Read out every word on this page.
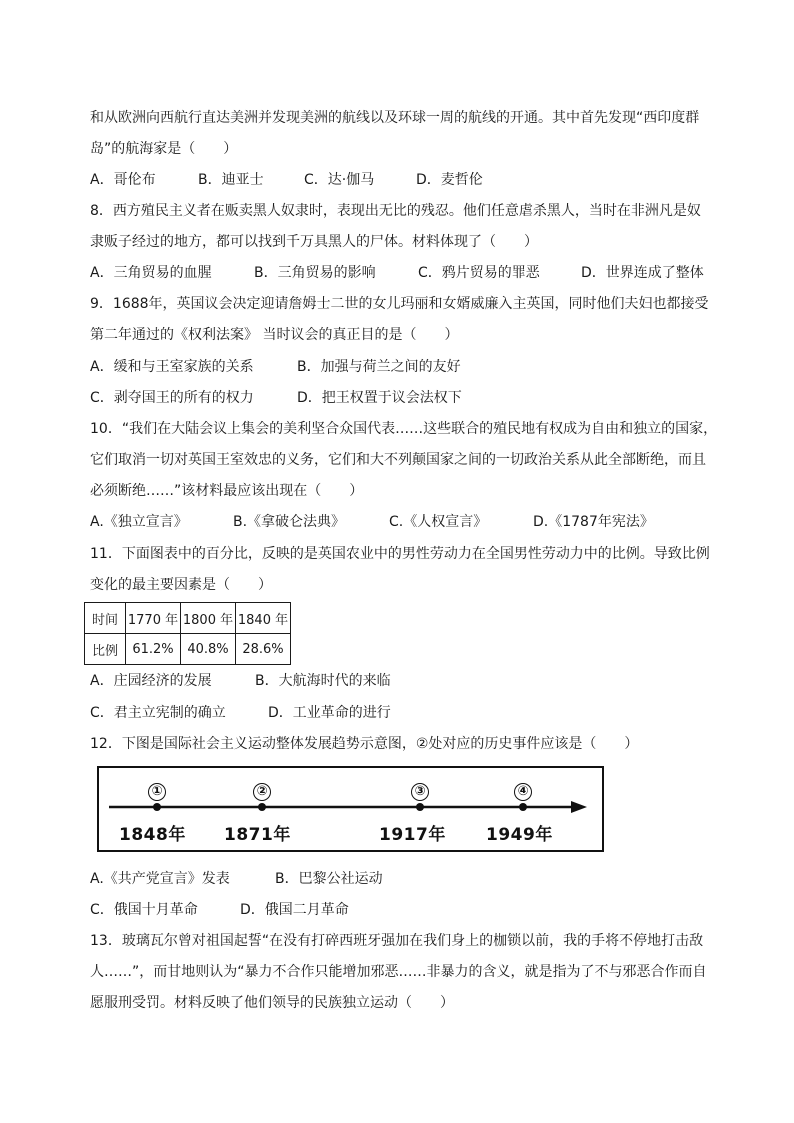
和从欧洲向西航行直达美洲并发现美洲的航线以及环球一周的航线的开通。其中首先发现“西印度群
岛”的航海家是（　　）
A．哥伦布	B．迪亚士	C．达·伽马	D．麦哲伦
8．西方殖民主义者在贩卖黑人奴隶时，表现出无比的残忍。他们任意虐杀黑人，当时在非洲凡是奴
隶贩子经过的地方，都可以找到千万具黑人的尸体。材料体现了（　　）
A．三角贸易的血腥	B．三角贸易的影响	C．鸦片贸易的罪恶	D．世界连成了整体
9．1688年，英国议会决定迎请詹姆士二世的女儿玛丽和女婿威廉入主英国，同时他们夫妇也都接受
第二年通过的《权利法案》 当时议会的真正目的是（　　）
A．缓和与王室家族的关系	B．加强与荷兰之间的友好
C．剥夺国王的所有的权力	D．把王权置于议会法权下
10．“我们在大陆会议上集会的美利坚合众国代表……这些联合的殖民地有权成为自由和独立的国家，
它们取消一切对英国王室效忠的义务，它们和大不列颠国家之间的一切政治关系从此全部断绝，而且
必须断绝……”该材料最应该出现在（　　）
A.《独立宣言》	B.《拿破仑法典》	C.《人权宣言》	D.《1787年宪法》
11．下面图表中的百分比，反映的是英国农业中的男性劳动力在全国男性劳动力中的比例。导致比例
变化的最主要因素是（　　）
时间	1770 年	1800 年	1840 年
比例	61.2%	40.8%	28.6%
A．庄园经济的发展	B．大航海时代的来临
C．君主立宪制的确立	D．工业革命的进行
12．下图是国际社会主义运动整体发展趋势示意图，②处对应的历史事件应该是（　　）
①	②	③	④
1848年 1871年	1917年 1949年
A.《共产党宣言》发表	B．巴黎公社运动
C．俄国十月革命	D．俄国二月革命
13．玻璃瓦尔曾对祖国起誓“在没有打碎西班牙强加在我们身上的枷锁以前，我的手将不停地打击敌
人……”，而甘地则认为“暴力不合作只能增加邪恶……非暴力的含义，就是指为了不与邪恶合作而自
愿服刑受罚。材料反映了他们领导的民族独立运动（　　）
